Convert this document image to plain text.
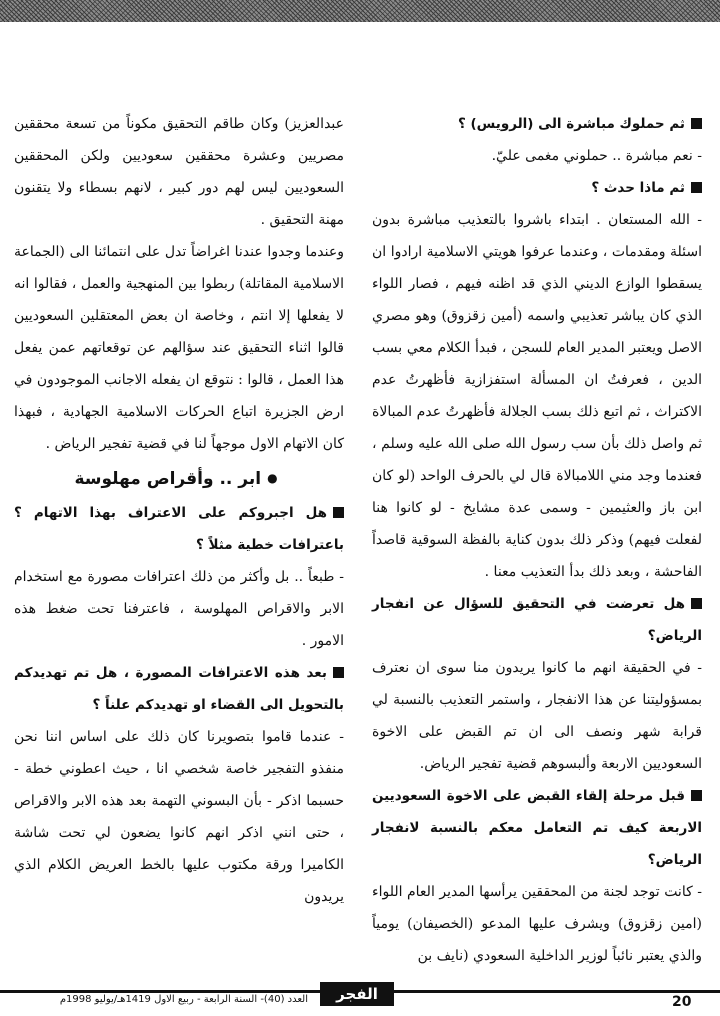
ثم حملوك مباشرة الى (الرويس) ؟

- نعم مباشرة .. حملوني مغمى عليّ.

ثم ماذا حدث ؟

- الله المستعان . ابتداء باشروا بالتعذيب مباشرة بدون اسئلة ومقدمات ، وعندما عرفوا هويتي الاسلامية ارادوا ان يسقطوا الوازع الديني الذي قد اظنه فيهم ، فصار اللواء الذي كان يباشر تعذيبي واسمه (أمين زقزوق) وهو مصري الاصل ويعتبر المدير العام للسجن ، فبدأ الكلام معي بسب الدين ، فعرفتُ ان المسألة استفزازية فأظهرتُ عدم الاكتراث ، ثم اتبع ذلك بسب الجلالة فأظهرتُ عدم المبالاة ثم واصل ذلك بأن سب رسول الله صلى الله عليه وسلم ، فعندما وجد مني اللامبالاة قال لي بالحرف الواحد (لو كان ابن باز والعثيمين - وسمى عدة مشايخ - لو كانوا هنا لفعلت فيهم) وذكر ذلك بدون كناية بالفظة السوقية قاصداً الفاحشة ، وبعد ذلك بدأ التعذيب معنا .

هل تعرضت في التحقيق للسؤال عن انفجار الرياض؟

- في الحقيقة انهم ما كانوا يريدون منا سوى ان نعترف بمسؤوليتنا عن هذا الانفجار ، واستمر التعذيب بالنسبة لي قرابة شهر ونصف الى ان تم القبض على الاخوة السعوديين الاربعة وألبسوهم قضية تفجير الرياض.

قبل مرحلة إلقاء القبض على الاخوة السعوديين الاربعة كيف تم التعامل معكم بالنسبة لانفجار الرياض؟

- كانت توجد لجنة من المحققين يرأسها المدير العام اللواء (امين زقزوق) ويشرف عليها المدعو (الخصيفان) يومياً والذي يعتبر نائباً لوزير الداخلية السعودي (نايف بن

عبدالعزيز) وكان طاقم التحقيق مكوناً من تسعة محققين مصريين وعشرة محققين سعوديين ولكن المحققين السعوديين ليس لهم دور كبير ، لانهم بسطاء ولا يتقنون مهنة التحقيق .

وعندما وجدوا عندنا اغراضاً تدل على انتمائنا الى (الجماعة الاسلامية المقاتلة) ربطوا بين المنهجية والعمل ، فقالوا انه لا يفعلها إلا انتم ، وخاصة ان بعض المعتقلين السعوديين قالوا اثناء التحقيق عند سؤالهم عن توقعاتهم عمن يفعل هذا العمل ، قالوا : نتوقع ان يفعله الاجانب الموجودون في ارض الجزيرة اتباع الحركات الاسلامية الجهادية ، فبهذا كان الاتهام الاول موجهاً لنا في قضية تفجير الرياض .

●ابر .. وأقراص مهلوسة

هل اجبروكم على الاعتراف بهذا الاتهام ؟ باعترافات خطية مثلاً ؟

- طبعاً .. بل وأكثر من ذلك اعترافات مصورة مع استخدام الابر والاقراص المهلوسة ، فاعترفنا تحت ضغط هذه الامور .

بعد هذه الاعترافات المصورة ، هل تم تهديدكم بالتحويل الى القضاء او تهديدكم علناً ؟

- عندما قاموا بتصويرنا كان ذلك على اساس اننا نحن منفذو التفجير خاصة شخصي انا ، حيث اعطوني خطة - حسبما اذكر - بأن البسوني التهمة بعد هذه الابر والاقراص ، حتى انني اذكر انهم كانوا يضعون لي تحت شاشة الكاميرا ورقة مكتوب عليها بالخط العريض الكلام الذي يريدون

العدد (40)- السنة الرابعة - ربيع الاول 1419هـ/يوليو 1998م	الفجر	20
